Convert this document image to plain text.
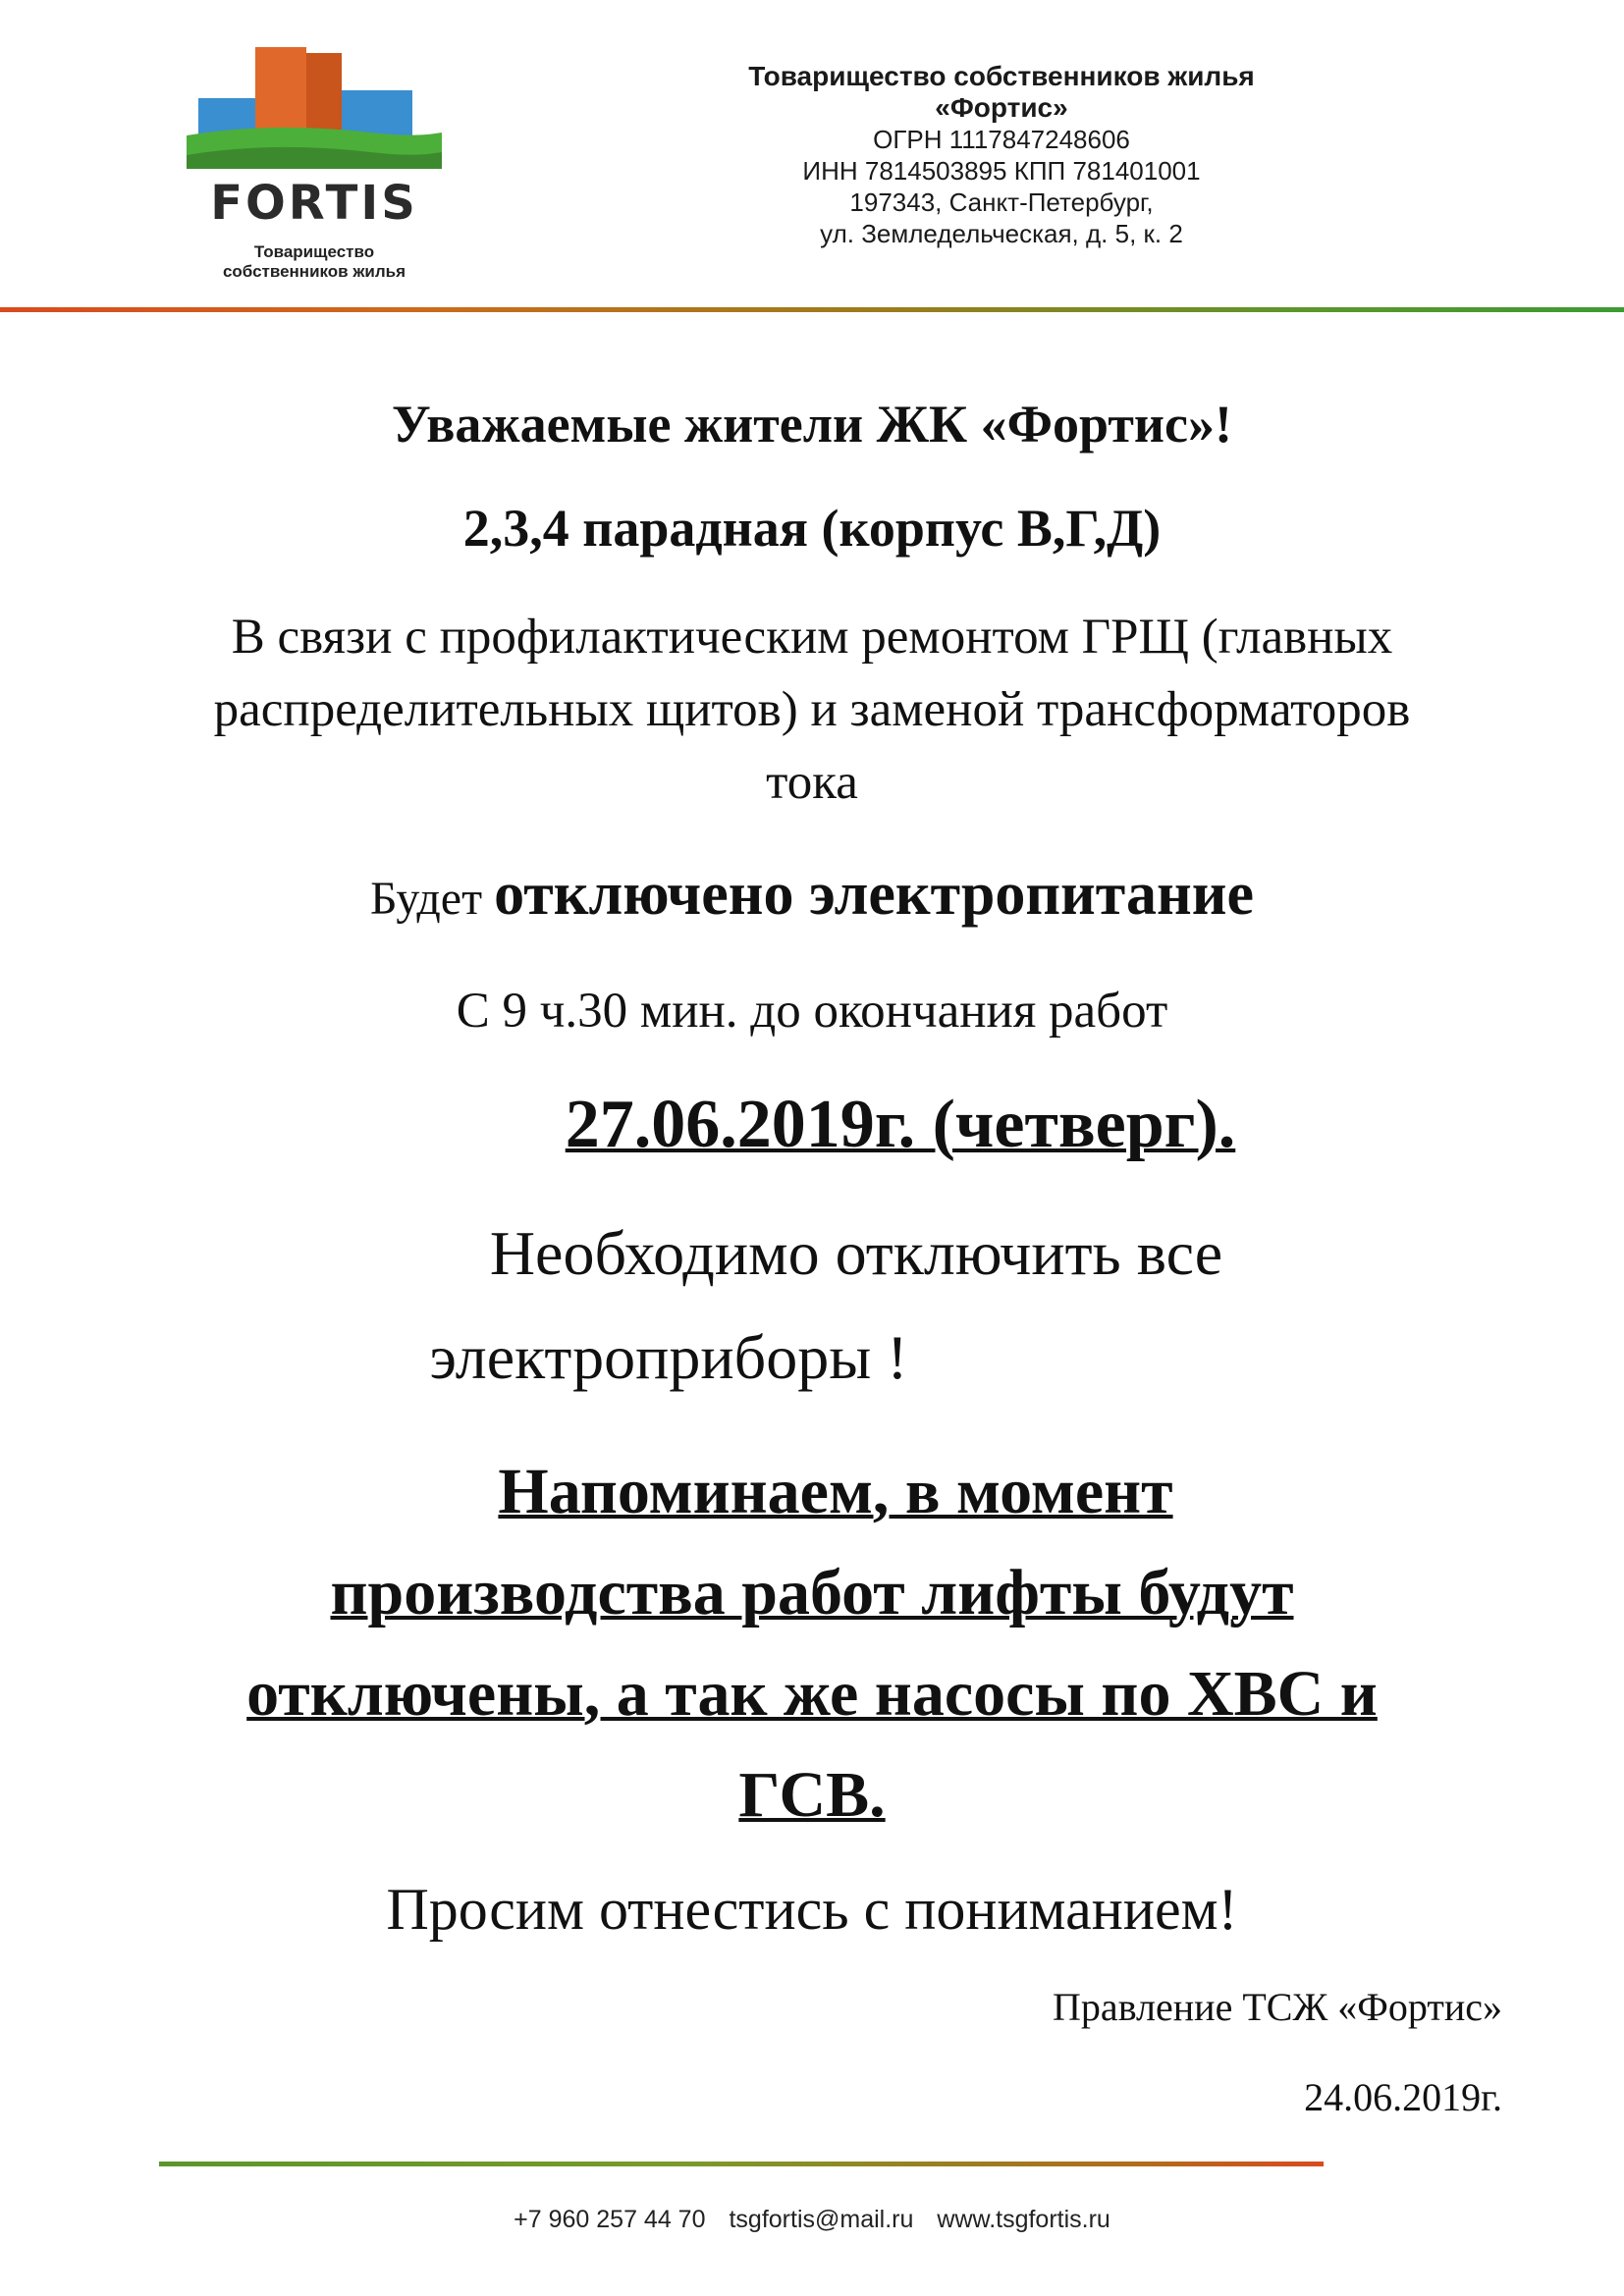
FORTIS
Товарищество
собственников жилья
Товарищество собственников жилья
«Фортис»
ОГРН 1117847248606
ИНН 7814503895 КПП 781401001
197343, Санкт-Петербург,
ул. Земледельческая, д. 5, к. 2
Уважаемые жители ЖК «Фортис»!
2,3,4 парадная (корпус В,Г,Д)
В связи с профилактическим ремонтом ГРЩ (главных
распределительных щитов) и заменой трансформаторов
тока
Будет отключено электропитание
С 9 ч.30 мин. до окончания работ
27.06.2019г. (четверг).
Необходимо отключить все
электроприборы !
Напоминаем, в момент
производства работ лифты будут
отключены, а так же насосы по ХВС и
ГСВ.
Просим отнестись с пониманием!
Правление ТСЖ «Фортис»
24.06.2019г.
+7 960 257 44 70 tsgfortis@mail.ru www.tsgfortis.ru
